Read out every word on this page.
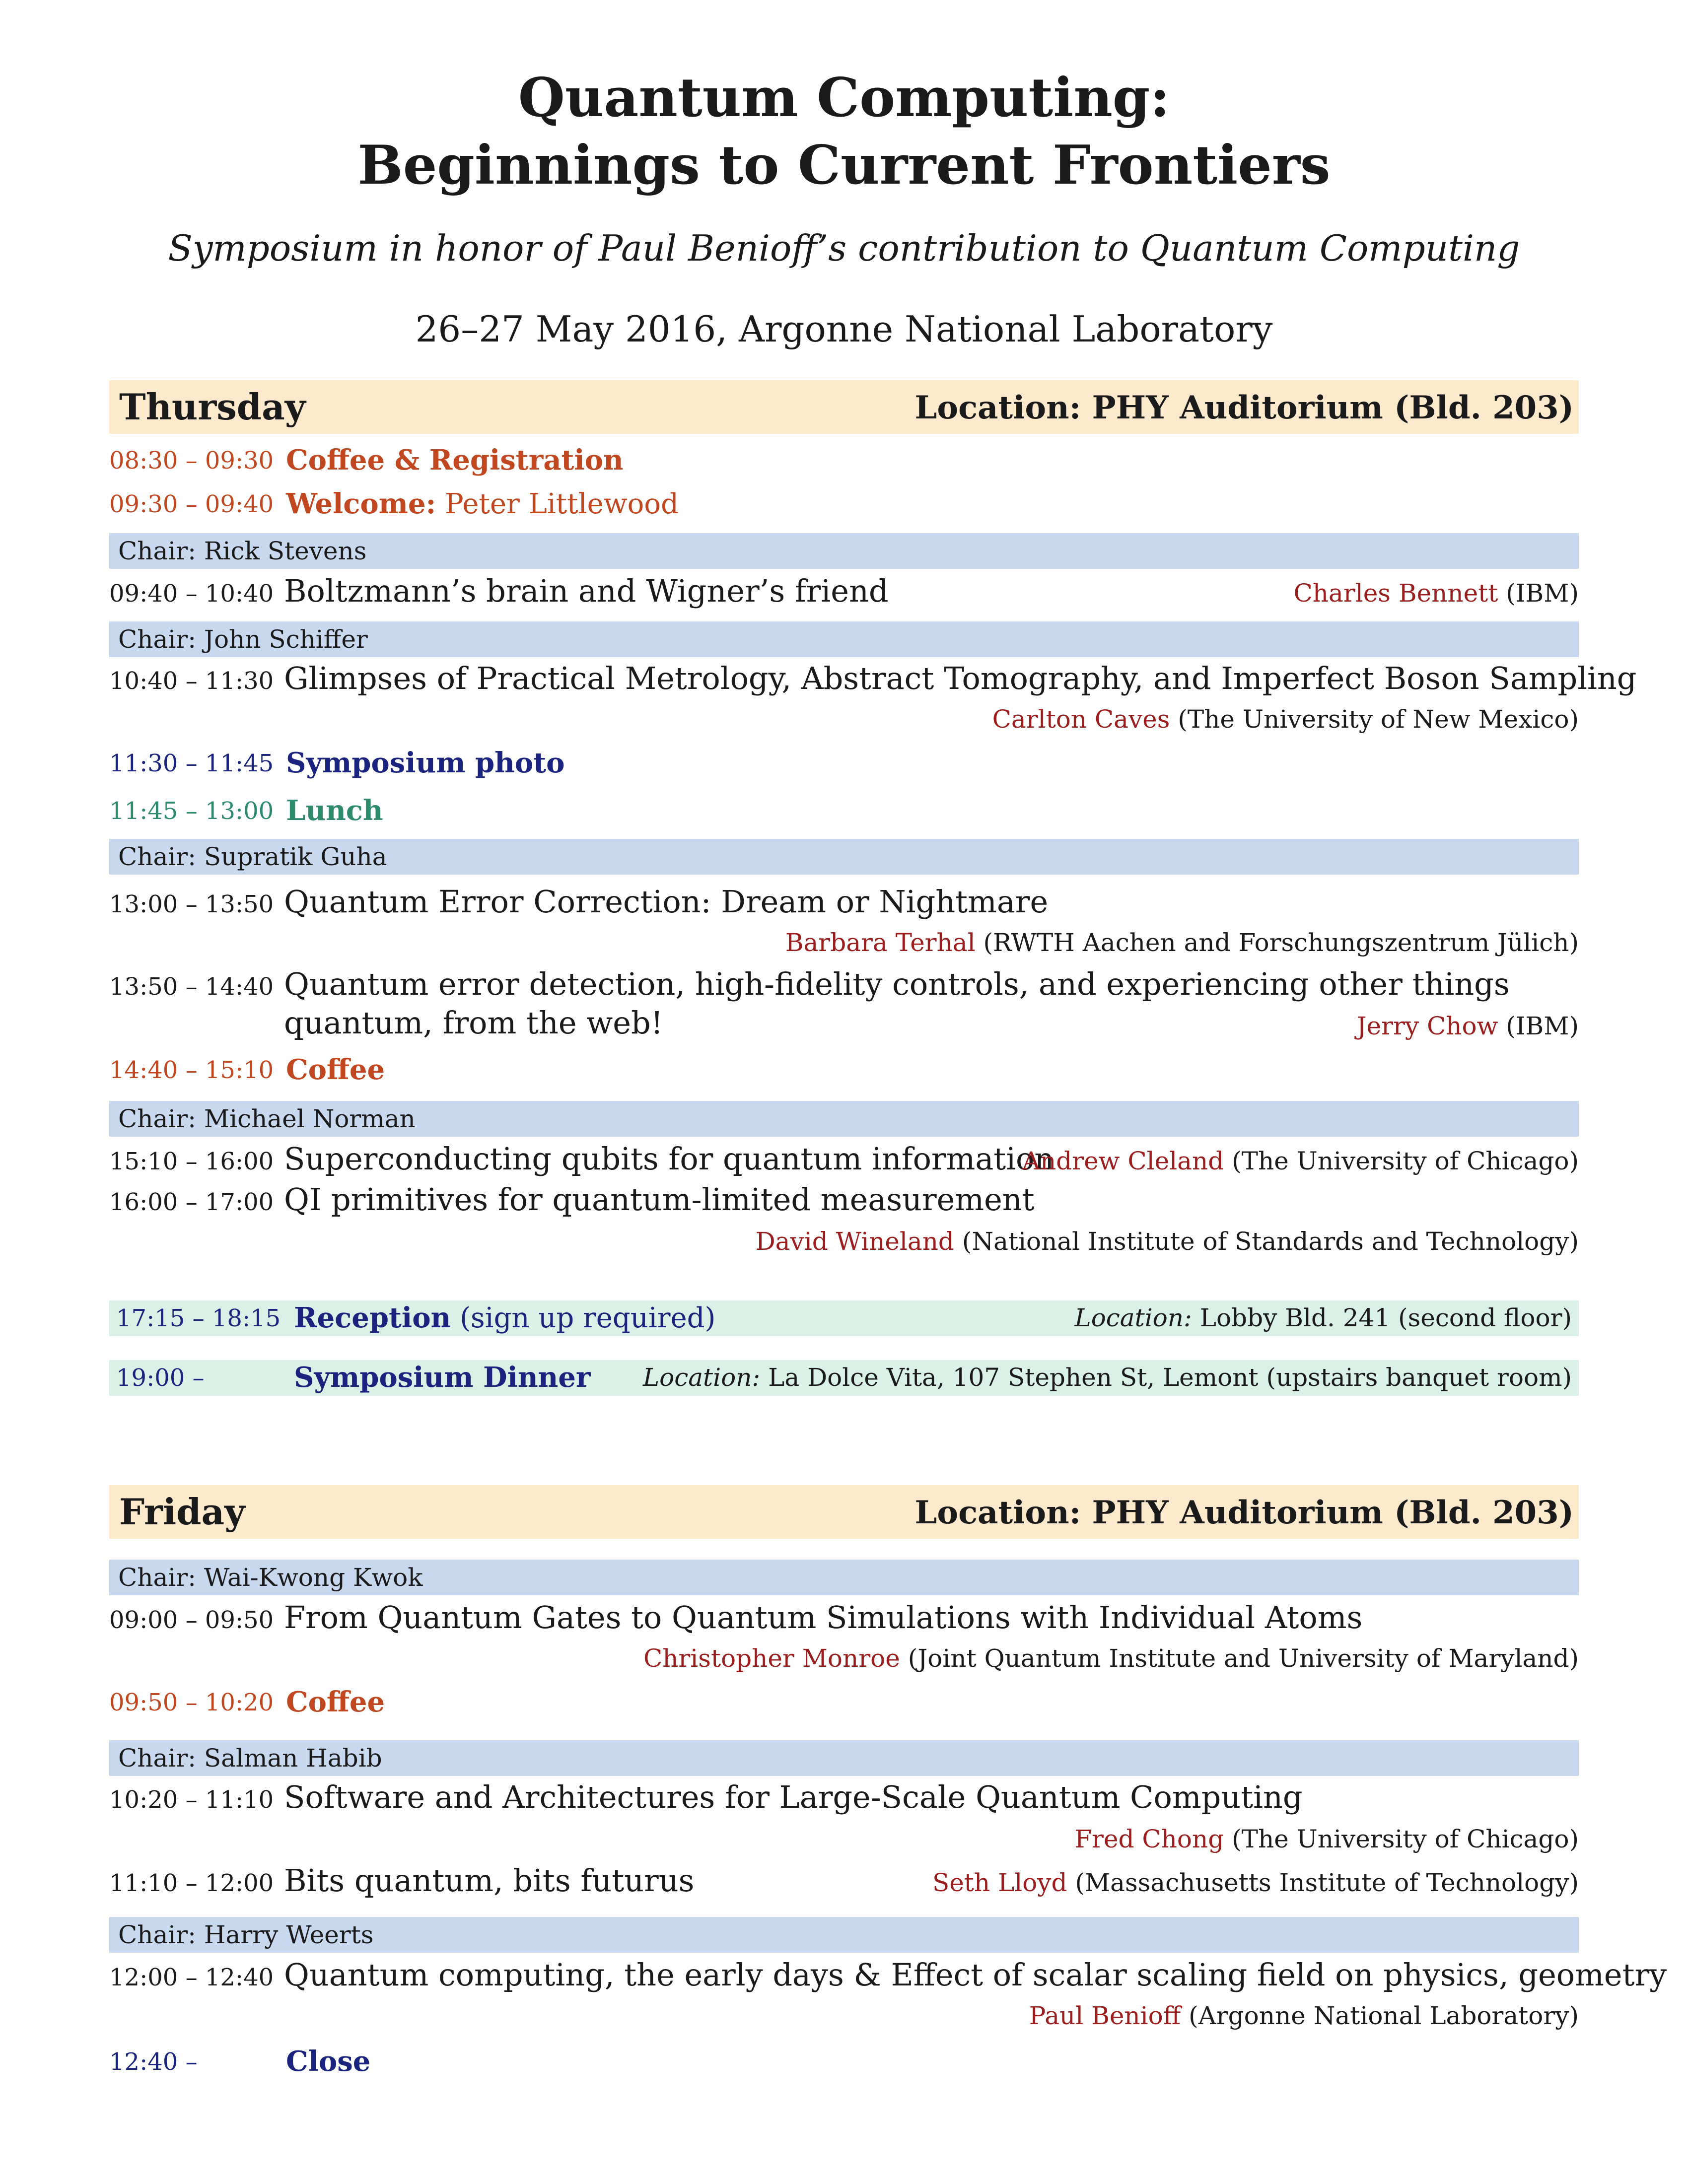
Quantum Computing:
Beginnings to Current Frontiers
Symposium in honor of Paul Benioff’s contribution to Quantum Computing
26–27 May 2016, Argonne National Laboratory
Thursday	Location: PHY Auditorium (Bld. 203)
08:30 – 09:30 Coffee & Registration
09:30 – 09:40 Welcome: Peter Littlewood
Chair: Rick Stevens
09:40 – 10:40 Boltzmann’s brain and Wigner’s friend	Charles Bennett (IBM)
Chair: John Schiffer
10:40 – 11:30 Glimpses of Practical Metrology, Abstract Tomography, and Imperfect Boson Sampling
Carlton Caves (The University of New Mexico)
11:30 – 11:45 Symposium photo
11:45 – 13:00 Lunch
Chair: Supratik Guha
13:00 – 13:50 Quantum Error Correction: Dream or Nightmare
Barbara Terhal (RWTH Aachen and Forschungszentrum Jülich)
13:50 – 14:40 Quantum error detection, high-fidelity controls, and experiencing other things quantum, from the web!	Jerry Chow (IBM)
14:40 – 15:10 Coffee
Chair: Michael Norman
15:10 – 16:00 Superconducting qubits for quantum information
Andrew Cleland (The University of Chicago)
16:00 – 17:00 QI primitives for quantum-limited measurement
David Wineland (National Institute of Standards and Technology)
17:15 – 18:15 Reception (sign up required)	Location: Lobby Bld. 241 (second floor)
19:00 –	Symposium Dinner Location: La Dolce Vita, 107 Stephen St, Lemont (upstairs banquet room)
Friday	Location: PHY Auditorium (Bld. 203)
Chair: Wai-Kwong Kwok
09:00 – 09:50 From Quantum Gates to Quantum Simulations with Individual Atoms
Christopher Monroe (Joint Quantum Institute and University of Maryland)
09:50 – 10:20 Coffee
Chair: Salman Habib
10:20 – 11:10 Software and Architectures for Large-Scale Quantum Computing
Fred Chong (The University of Chicago)
11:10 – 12:00 Bits quantum, bits futurus	Seth Lloyd (Massachusetts Institute of Technology)
Chair: Harry Weerts
12:00 – 12:40 Quantum computing, the early days & Effect of scalar scaling field on physics, geometry
Paul Benioff (Argonne National Laboratory)
12:40 –	Close
